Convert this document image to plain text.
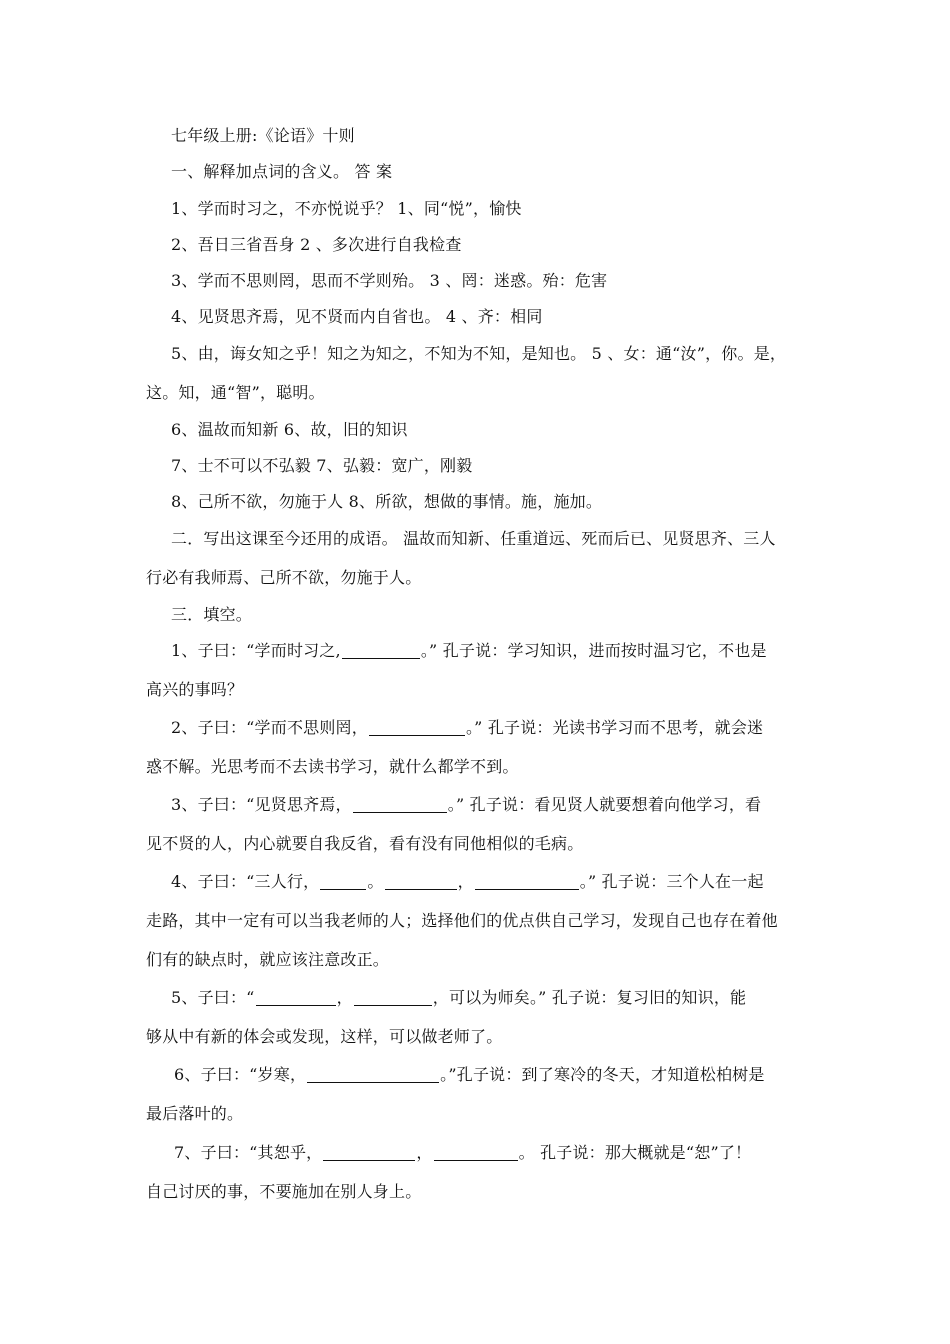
七年级上册:《论语》十则
一、解释加点词的含义。 答 案
1、学而时习之，不亦悦说乎？ 1、同“悦”，愉快
2、吾日三省吾身 2 、多次进行自我检查
3、学而不思则罔，思而不学则殆。 3 、罔：迷惑。殆：危害
4、见贤思齐焉，见不贤而内自省也。 4 、齐：相同
5、由，诲女知之乎！知之为知之，不知为不知，是知也。 5 、女：通“汝”，你。是，
这。知，通“智”，聪明。
6、温故而知新 6、故，旧的知识
7、士不可以不弘毅 7、弘毅：宽广，刚毅
8、己所不欲，勿施于人 8、所欲，想做的事情。施，施加。
二．写出这课至今还用的成语。 温故而知新、任重道远、死而后已、见贤思齐、三人
行必有我师焉、己所不欲，勿施于人。
三．填空。
1、子曰：“学而时习之,	。” 孔子说：学习知识，进而按时温习它，不也是
高兴的事吗？
2、子曰：“学而不思则罔，	。” 孔子说：光读书学习而不思考，就会迷
惑不解。光思考而不去读书学习，就什么都学不到。
3、子曰：“见贤思齐焉，	。” 孔子说：看见贤人就要想着向他学习，看
见不贤的人，内心就要自我反省，看有没有同他相似的毛病。
4、子曰：“三人行，	。	，	。” 孔子说：三个人在一起
走路，其中一定有可以当我老师的人；选择他们的优点供自己学习，发现自己也存在着他
们有的缺点时，就应该注意改正。
5、子曰：“	，	，可以为师矣。” 孔子说：复习旧的知识，能
够从中有新的体会或发现，这样，可以做老师了。
6、子曰：“岁寒，	。”孔子说：到了寒冷的冬天，才知道松柏树是
最后落叶的。
7、子曰：“其恕乎，	，	。 孔子说：那大概就是“恕”了！
自己讨厌的事，不要施加在别人身上。
